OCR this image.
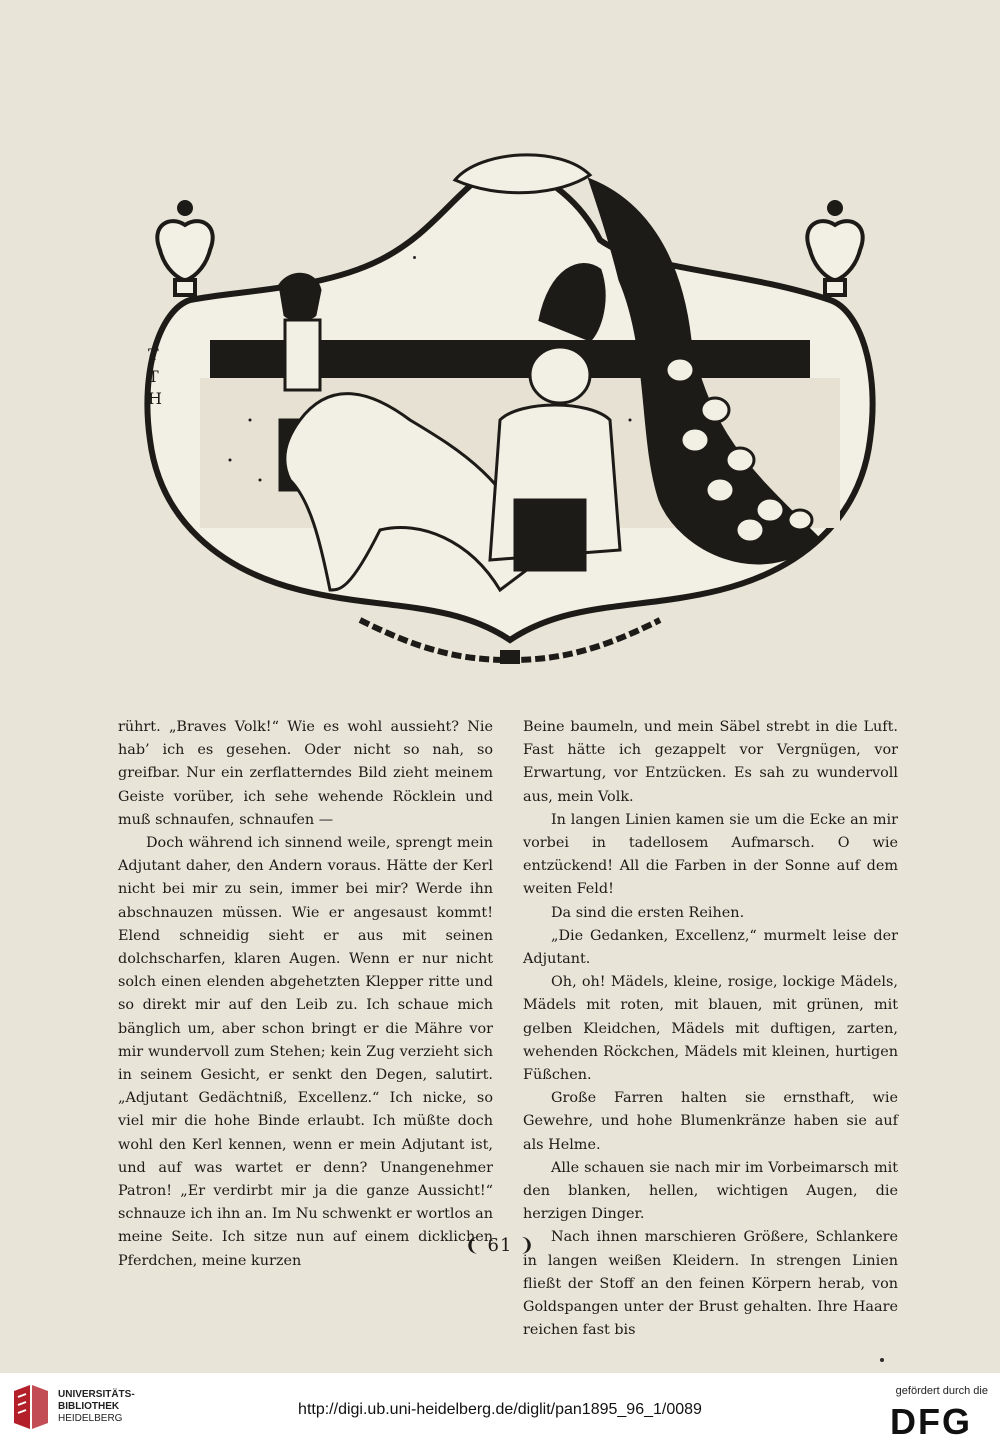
T
T
H

rührt. „Braves Volk!“ Wie es wohl aussieht? Nie hab’ ich es gesehen. Oder nicht so nah, so greifbar. Nur ein zerflatterndes Bild zieht meinem Geiste vorüber, ich sehe wehende Röcklein und muß schnaufen, schnaufen —

Doch während ich sinnend weile, sprengt mein Adjutant daher, den Andern voraus. Hätte der Kerl nicht bei mir zu sein, immer bei mir? Werde ihn abschnauzen müssen. Wie er angesaust kommt! Elend schneidig sieht er aus mit seinen dolchscharfen, klaren Augen. Wenn er nur nicht solch einen elenden abgehetzten Klepper ritte und so direkt mir auf den Leib zu. Ich schaue mich bänglich um, aber schon bringt er die Mähre vor mir wundervoll zum Stehen; kein Zug verzieht sich in seinem Gesicht, er senkt den Degen, salutirt. „Adjutant Gedächtniß, Excellenz.“ Ich nicke, so viel mir die hohe Binde erlaubt. Ich müßte doch wohl den Kerl kennen, wenn er mein Adjutant ist, und auf was wartet er denn? Unangenehmer Patron! „Er verdirbt mir ja die ganze Aussicht!“ schnauze ich ihn an. Im Nu schwenkt er wortlos an meine Seite. Ich sitze nun auf einem dicklichen Pferdchen, meine kurzen

Beine baumeln, und mein Säbel strebt in die Luft. Fast hätte ich gezappelt vor Vergnügen, vor Erwartung, vor Entzücken. Es sah zu wundervoll aus, mein Volk.

In langen Linien kamen sie um die Ecke an mir vorbei in tadellosem Aufmarsch. O wie entzückend! All die Farben in der Sonne auf dem weiten Feld!

Da sind die ersten Reihen.

„Die Gedanken, Excellenz,“ murmelt leise der Adjutant.

Oh, oh! Mädels, kleine, rosige, lockige Mädels, Mädels mit roten, mit blauen, mit grünen, mit gelben Kleidchen, Mädels mit duftigen, zarten, wehenden Röckchen, Mädels mit kleinen, hurtigen Füßchen.

Große Farren halten sie ernsthaft, wie Gewehre, und hohe Blumenkränze haben sie auf als Helme.

Alle schauen sie nach mir im Vorbeimarsch mit den blanken, hellen, wichtigen Augen, die herzigen Dinger.

Nach ihnen marschieren Größere, Schlankere in langen weißen Kleidern. In strengen Linien fließt der Stoff an den feinen Körpern herab, von Goldspangen unter der Brust gehalten. Ihre Haare reichen fast bis

❨ 61 ❩
UNIVERSITÄTS-
BIBLIOTHEK
HEIDELBERG
http://digi.ub.uni-heidelberg.de/diglit/pan1895_96_1/0089
gefördert durch die
DFG
